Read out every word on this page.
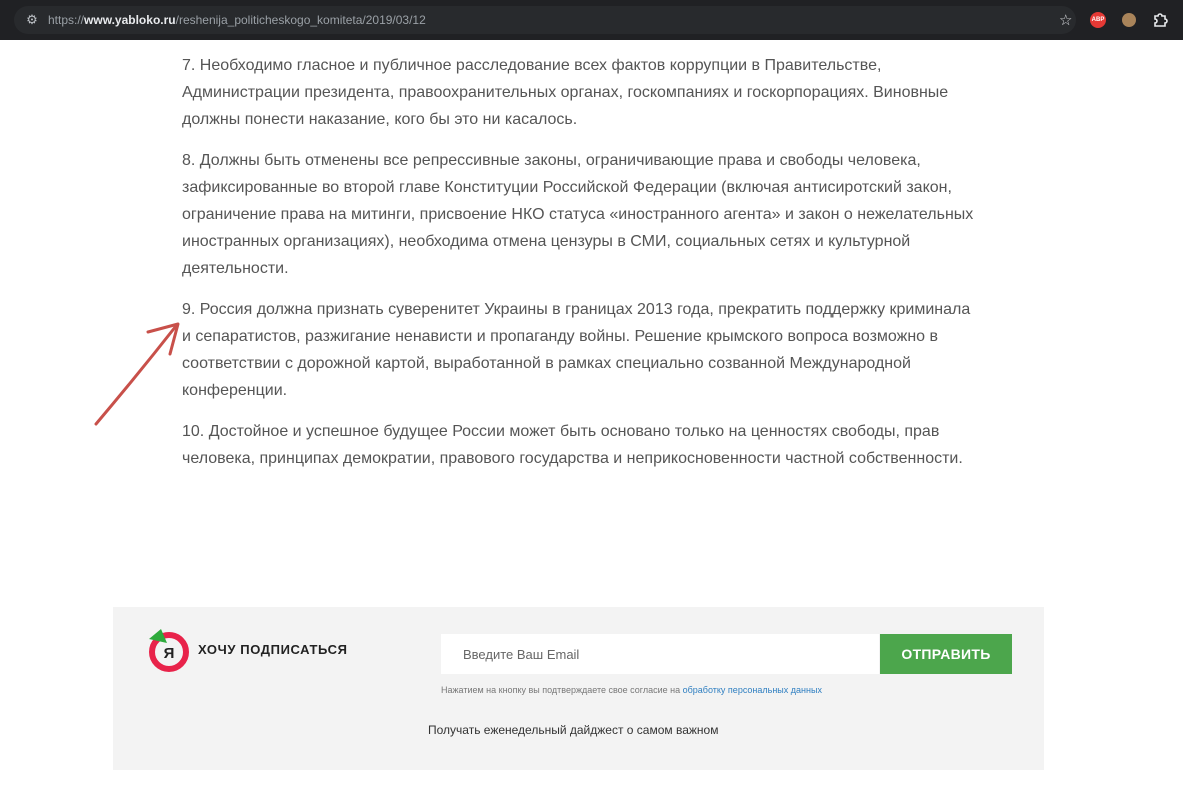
⚙ https://www.yabloko.ru/reshenija_politicheskogo_komiteta/2019/03/12	☆	ABP

7. Необходимо гласное и публичное расследование всех фактов коррупции в Правительстве, Администрации президента, правоохранительных органах, госкомпаниях и госкорпорациях. Виновные должны понести наказание, кого бы это ни касалось.

8. Должны быть отменены все репрессивные законы, ограничивающие права и свободы человека, зафиксированные во второй главе Конституции Российской Федерации (включая антисиротский закон, ограничение права на митинги, присвоение НКО статуса «иностранного агента» и закон о нежелательных иностранных организациях), необходима отмена цензуры в СМИ, социальных сетях и культурной деятельности.

9. Россия должна признать суверенитет Украины в границах 2013 года, прекратить поддержку криминала и сепаратистов, разжигание ненависти и пропаганду войны. Решение крымского вопроса возможно в соответствии с дорожной картой, выработанной в рамках специально созванной Международной конференции.

10. Достойное и успешное будущее России может быть основано только на ценностях свободы, прав человека, принципах демократии, правового государства и неприкосновенности частной собственности.

Я ХОЧУ ПОДПИСАТЬСЯ
Введите Ваш Email	ОТПРАВИТЬ
Нажатием на кнопку вы подтверждаете свое согласие на обработку персональных данных
Получать еженедельный дайджест о самом важном
